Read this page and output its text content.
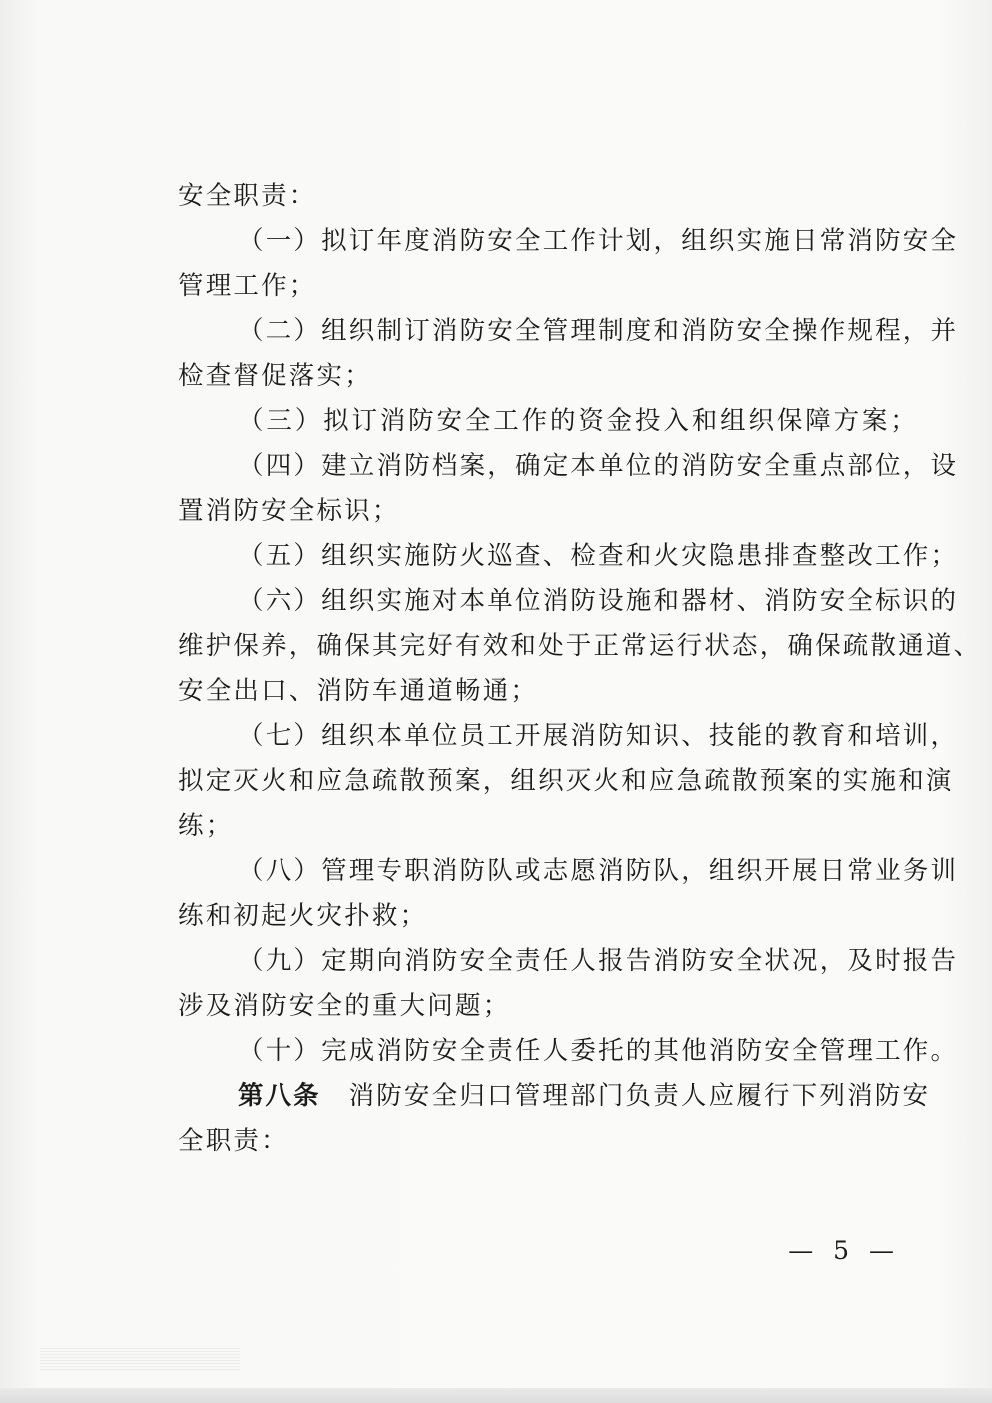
安全职责：
（一）拟订年度消防安全工作计划，组织实施日常消防安全
管理工作；
（二）组织制订消防安全管理制度和消防安全操作规程，并
检查督促落实；
（三）拟订消防安全工作的资金投入和组织保障方案；
（四）建立消防档案，确定本单位的消防安全重点部位，设
置消防安全标识；
（五）组织实施防火巡查、检查和火灾隐患排查整改工作；
（六）组织实施对本单位消防设施和器材、消防安全标识的
维护保养，确保其完好有效和处于正常运行状态，确保疏散通道、
安全出口、消防车通道畅通；
（七）组织本单位员工开展消防知识、技能的教育和培训，
拟定灭火和应急疏散预案，组织灭火和应急疏散预案的实施和演
练；
（八）管理专职消防队或志愿消防队，组织开展日常业务训
练和初起火灾扑救；
（九）定期向消防安全责任人报告消防安全状况，及时报告
涉及消防安全的重大问题；
（十）完成消防安全责任人委托的其他消防安全管理工作。
第八条 消防安全归口管理部门负责人应履行下列消防安
全职责：
— 5 —
